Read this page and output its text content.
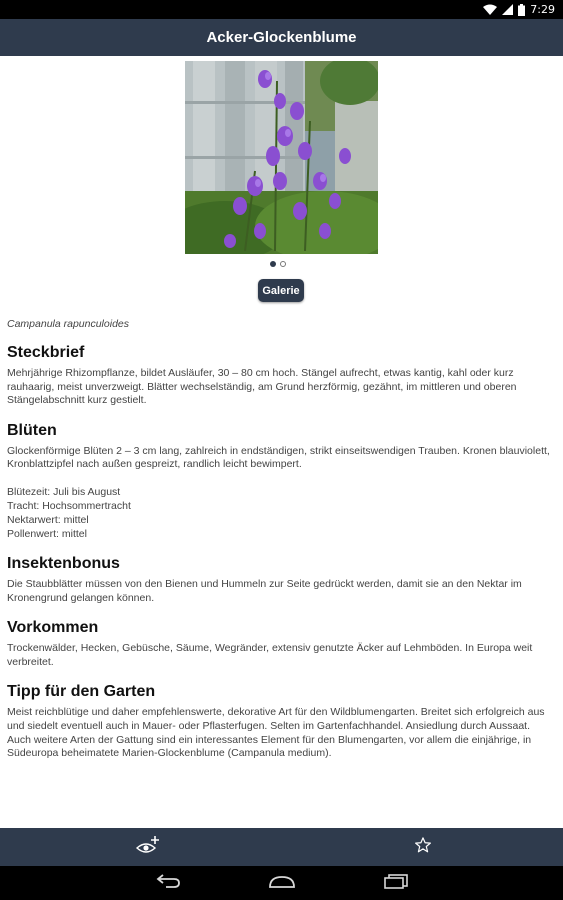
7:29
Acker-Glockenblume
Galerie
Campanula rapunculoides
Steckbrief

Mehrjährige Rhizompflanze, bildet Ausläufer, 30 – 80 cm hoch. Stängel aufrecht, etwas kantig, kahl oder kurz rauhaarig, meist unverzweigt. Blätter wechselständig, am Grund herzförmig, gezähnt, im mittleren und oberen Stängelabschnitt kurz gestielt.

Blüten

Glockenförmige Blüten 2 – 3 cm lang, zahlreich in endständigen, strikt einseitswendigen Trauben. Kronen blauviolett, Kronblattzipfel nach außen gespreizt, randlich leicht bewimpert.

Blütezeit: Juli bis August
Tracht: Hochsommertracht
Nektarwert: mittel
Pollenwert: mittel
Insektenbonus

Die Staubblätter müssen von den Bienen und Hummeln zur Seite gedrückt werden, damit sie an den Nektar im Kronengrund gelangen können.

Vorkommen

Trockenwälder, Hecken, Gebüsche, Säume, Wegränder, extensiv genutzte Äcker auf Lehmböden. In Europa weit verbreitet.

Tipp für den Garten

Meist reichblütige und daher empfehlenswerte, dekorative Art für den Wildblumengarten. Breitet sich erfolgreich aus und siedelt eventuell auch in Mauer- oder Pflasterfugen. Selten im Gartenfachhandel. Ansiedlung durch Aussaat. Auch weitere Arten der Gattung sind ein interessantes Element für den Blumengarten, vor allem die einjährige, in Südeuropa beheimatete Marien-Glockenblume (Campanula medium).
